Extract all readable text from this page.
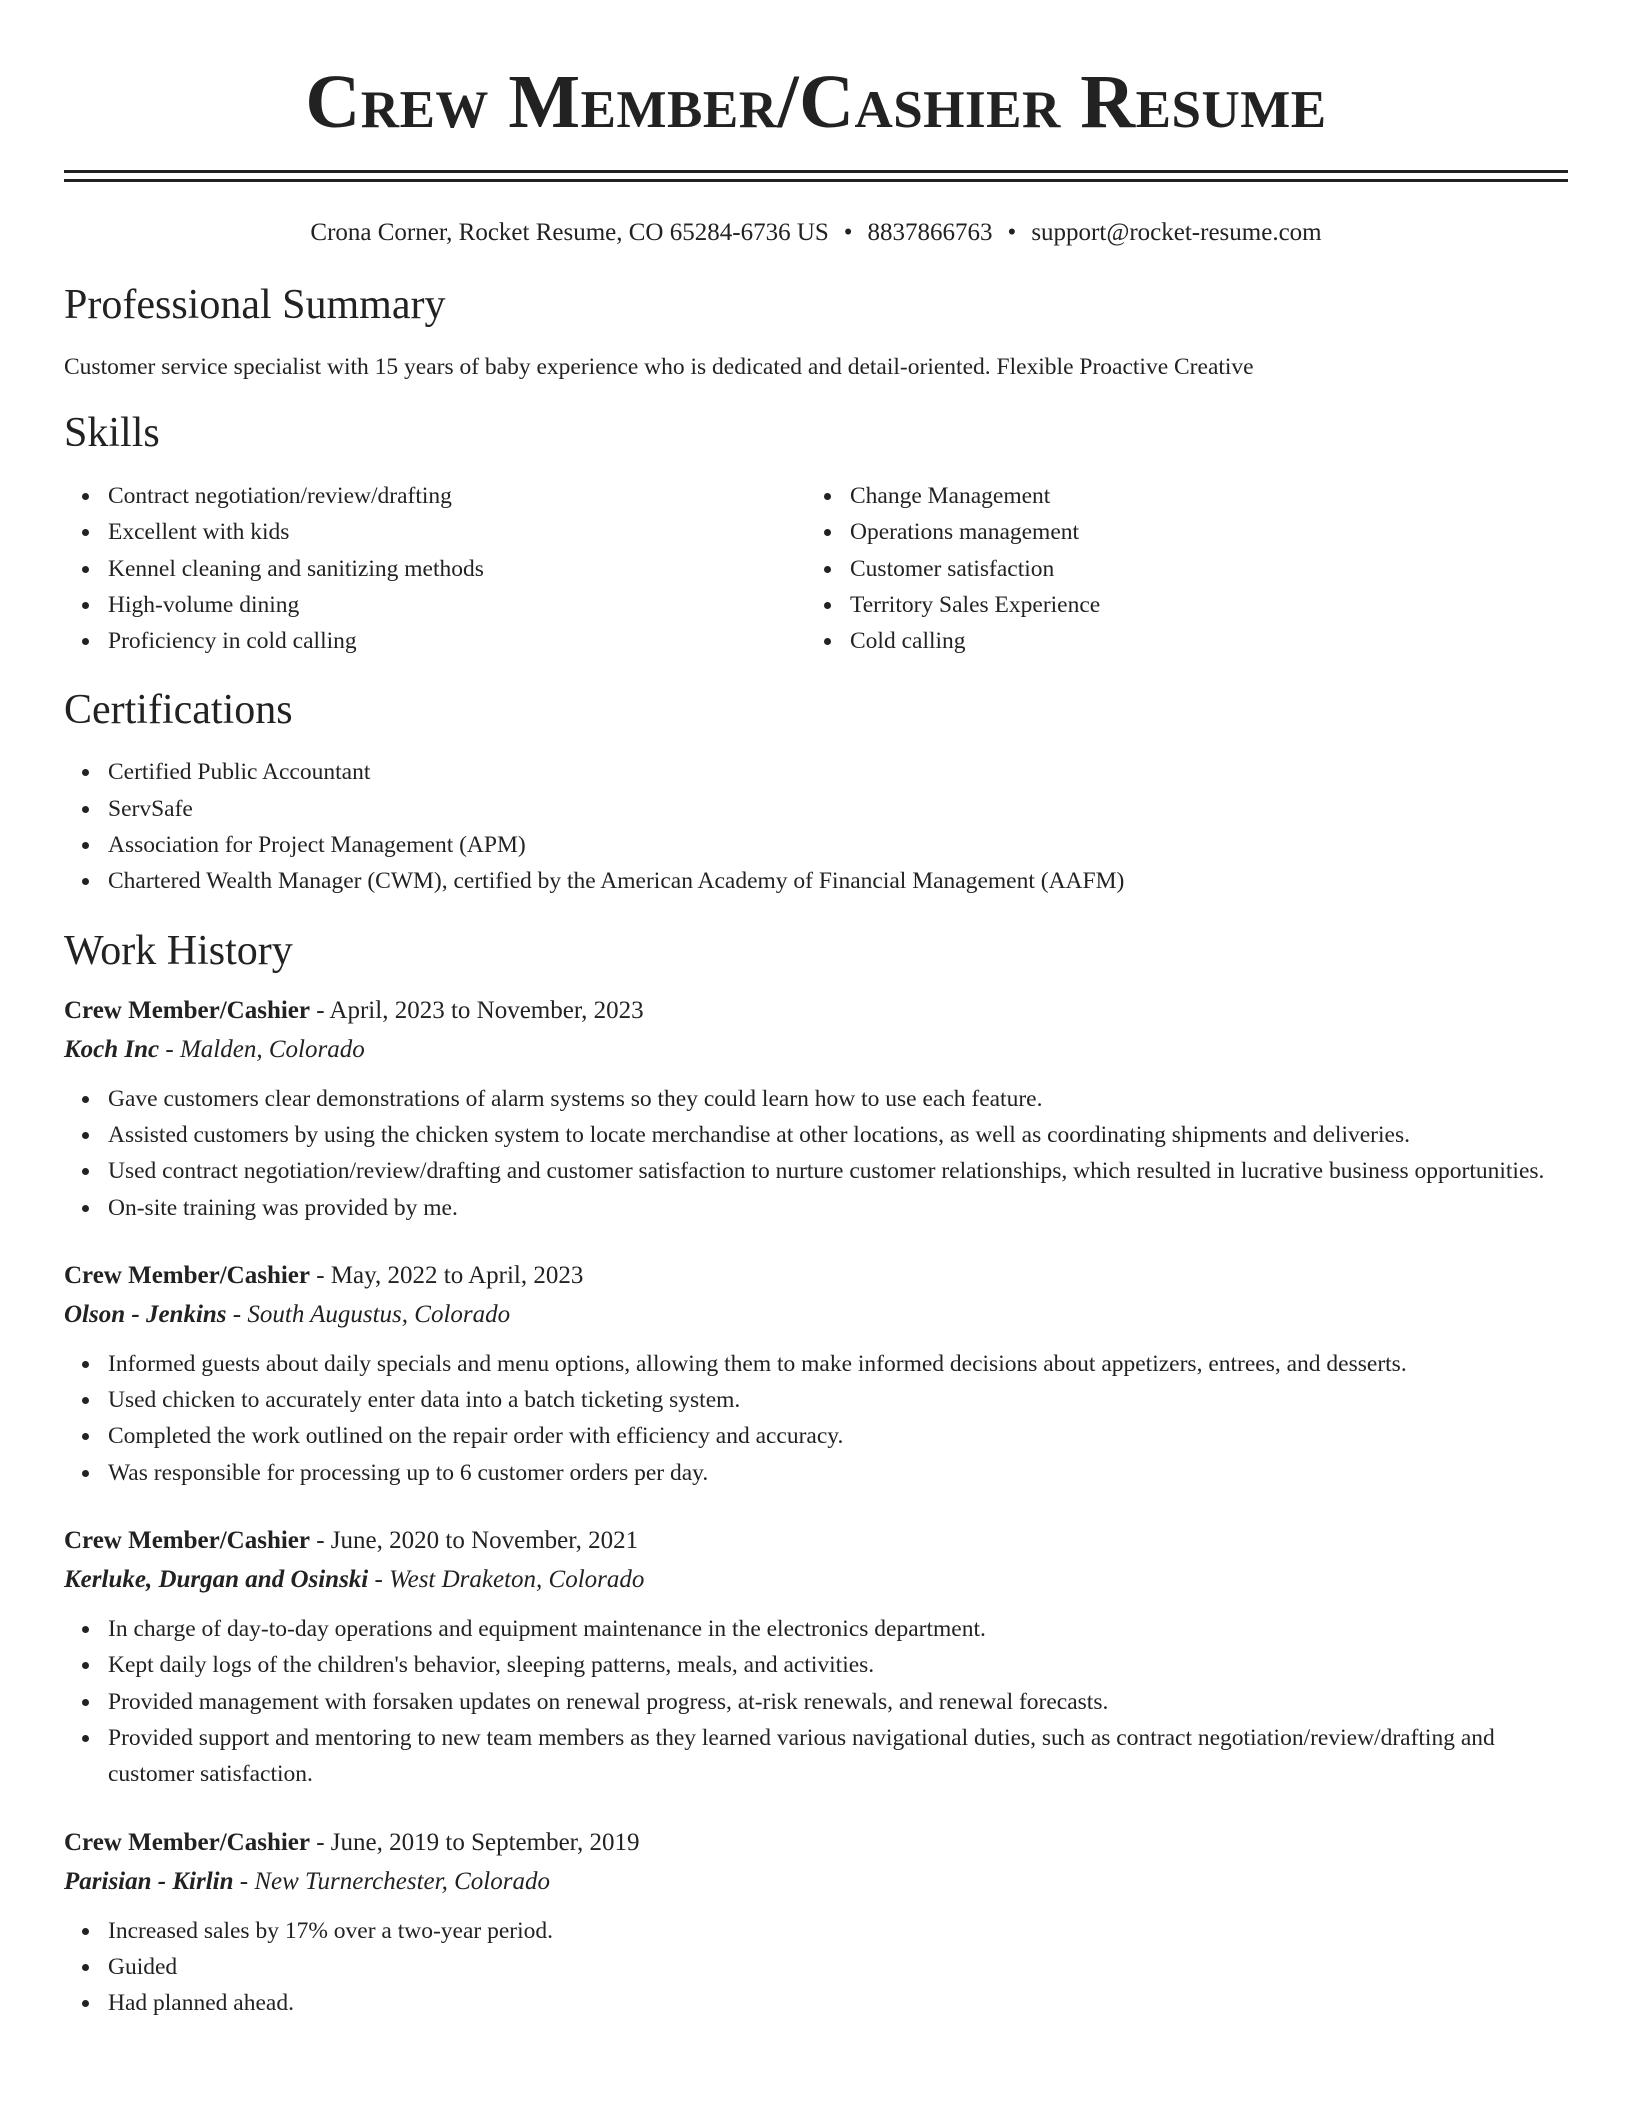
Crew Member/Cashier Resume
Crona Corner, Rocket Resume, CO 65284-6736 US • 8837866763 • support@rocket-resume.com
Professional Summary
Customer service specialist with 15 years of baby experience who is dedicated and detail-oriented. Flexible Proactive Creative
Skills
Contract negotiation/review/drafting
Excellent with kids
Kennel cleaning and sanitizing methods
High-volume dining
Proficiency in cold calling
Change Management
Operations management
Customer satisfaction
Territory Sales Experience
Cold calling
Certifications
Certified Public Accountant
ServSafe
Association for Project Management (APM)
Chartered Wealth Manager (CWM), certified by the American Academy of Financial Management (AAFM)
Work History
Crew Member/Cashier - April, 2023 to November, 2023
Koch Inc - Malden, Colorado
Gave customers clear demonstrations of alarm systems so they could learn how to use each feature.
Assisted customers by using the chicken system to locate merchandise at other locations, as well as coordinating shipments and deliveries.
Used contract negotiation/review/drafting and customer satisfaction to nurture customer relationships, which resulted in lucrative business opportunities.
On-site training was provided by me.
Crew Member/Cashier - May, 2022 to April, 2023
Olson - Jenkins - South Augustus, Colorado
Informed guests about daily specials and menu options, allowing them to make informed decisions about appetizers, entrees, and desserts.
Used chicken to accurately enter data into a batch ticketing system.
Completed the work outlined on the repair order with efficiency and accuracy.
Was responsible for processing up to 6 customer orders per day.
Crew Member/Cashier - June, 2020 to November, 2021
Kerluke, Durgan and Osinski - West Draketon, Colorado
In charge of day-to-day operations and equipment maintenance in the electronics department.
Kept daily logs of the children's behavior, sleeping patterns, meals, and activities.
Provided management with forsaken updates on renewal progress, at-risk renewals, and renewal forecasts.
Provided support and mentoring to new team members as they learned various navigational duties, such as contract negotiation/review/drafting and customer satisfaction.
Crew Member/Cashier - June, 2019 to September, 2019
Parisian - Kirlin - New Turnerchester, Colorado
Increased sales by 17% over a two-year period.
Guided
Had planned ahead.
